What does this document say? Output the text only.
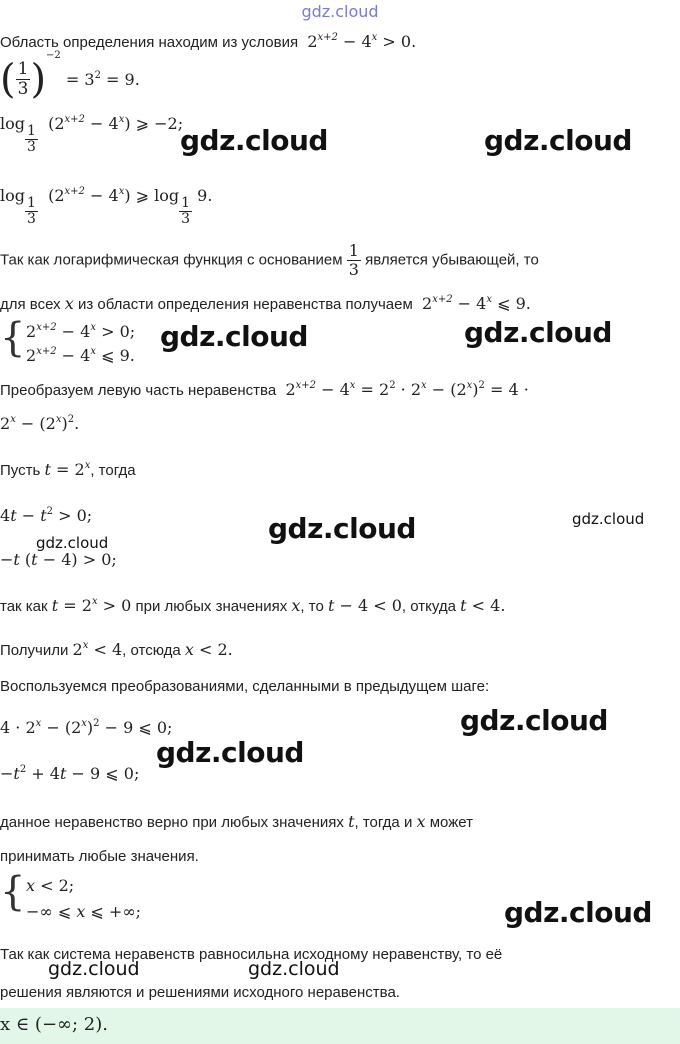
gdz.cloud
Область определения находим из условия  $2^{x+2} - 4^x > 0$.
( $\frac{1}{3} )^{-2} = 3^2 = 9$.
log
$\frac{1}{3}$
$(2^{x+2} - 4^x)$ ⩾ −2;
log
$\frac{1}{3}$
$(2^{x+2} - 4^x)$ ⩾ log
$\frac{1}{3}$
9.
Так как логарифмическая функция с основанием $\frac{1}{3}$ является убывающей, то
для всех x из области определения неравенства получаем  $2^{x+2} - 4^x$ ⩽ 9.
{ $2^{x+2} - 4^x > 0$;
$2^{x+2} - 4^x$ ⩽ 9.
Преобразуем левую часть неравенства  $2^{x+2} - 4^x = 2^2 \cdot 2^x - (2^x)^2 = 4$ ·
$2^x - (2^x)^2$.
Пусть $t = 2^x$, тогда
$4t - t^2 > 0$;
−t (t − 4) > 0;
так как $t = 2^x > 0$ при любых значениях x, то t − 4 < 0, откуда t < 4.
Получили $2^x < 4$, отсюда x < 2.
Воспользуемся преобразованиями, сделанными в предыдущем шаге:
$4 \cdot 2^x - (2^x)^2 - 9$ ⩽ 0;
$-t^2 + 4t - 9$ ⩽ 0;
данное неравенство верно при любых значениях t, тогда и x может
принимать любые значения.
{ x < 2;
−∞ ⩽ x ⩽ +∞;
Так как система неравенств равносильна исходному неравенству, то её
решения являются и решениями исходного неравенства.
x ∈ (−∞; 2).
gdz.cloud	gdz.cloud
gdz.cloud	gdz.cloud
gdz.cloud	gdz.cloud
gdz.cloud
gdz.cloud
gdz.cloud
gdz.cloud
gdz.cloud	gdz.cloud
